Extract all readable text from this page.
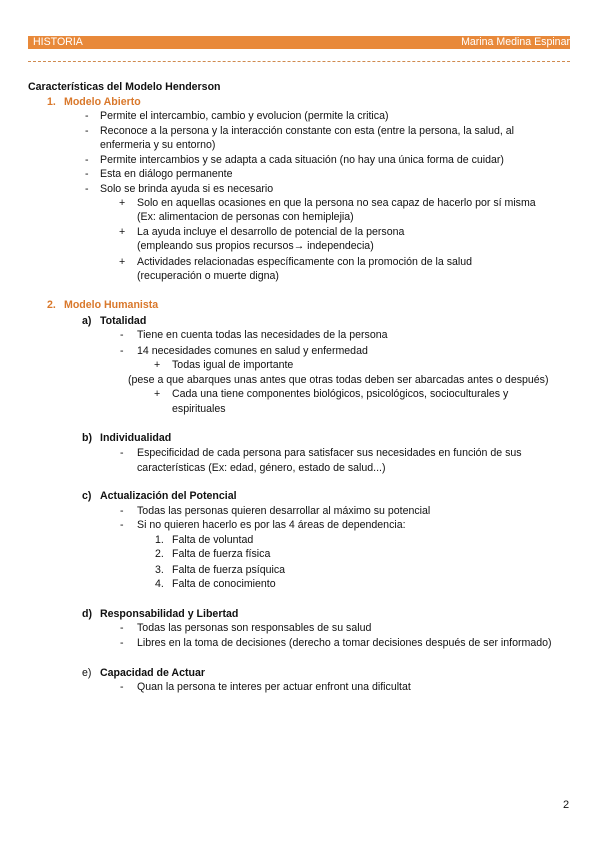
HISTORIA	Marina Medina Espinar
Características del Modelo Henderson
1. Modelo Abierto
- Permite el intercambio, cambio y evolucion (permite la critica)
- Reconoce a la persona y la interacción constante con esta (entre la persona, la salud, al
enfermeria y su entorno)
- Permite intercambios y se adapta a cada situación (no hay una única forma de cuidar)
- Esta en diálogo permanente
- Solo se brinda ayuda si es necesario
+ Solo en aquellas ocasiones en que la persona no sea capaz de hacerlo por sí misma
(Ex: alimentacion de personas con hemiplejia)
+ La ayuda incluye el desarrollo de potencial de la persona
(empleando sus propios recursos→ independecia)
+ Actividades relacionadas específicamente con la promoción de la salud
(recuperación o muerte digna)
2. Modelo Humanista
a) Totalidad
- Tiene en cuenta todas las necesidades de la persona
- 14 necesidades comunes en salud y enfermedad
+ Todas igual de importante
(pese a que abarques unas antes que otras todas deben ser abarcadas antes o después)
+ Cada una tiene componentes biológicos, psicológicos, socioculturales y
espirituales
b) Individualidad
- Especificidad de cada persona para satisfacer sus necesidades en función de sus
características (Ex: edad, género, estado de salud...)
c) Actualización del Potencial
- Todas las personas quieren desarrollar al máximo su potencial
- Si no quieren hacerlo es por las 4 áreas de dependencia:
1. Falta de voluntad
2. Falta de fuerza física
3. Falta de fuerza psíquica
4. Falta de conocimiento
d) Responsabilidad y Libertad
- Todas las personas son responsables de su salud
- Libres en la toma de decisiones (derecho a tomar decisiones después de ser informado)
e) Capacidad de Actuar
- Quan la persona te interes per actuar enfront una dificultat
2
